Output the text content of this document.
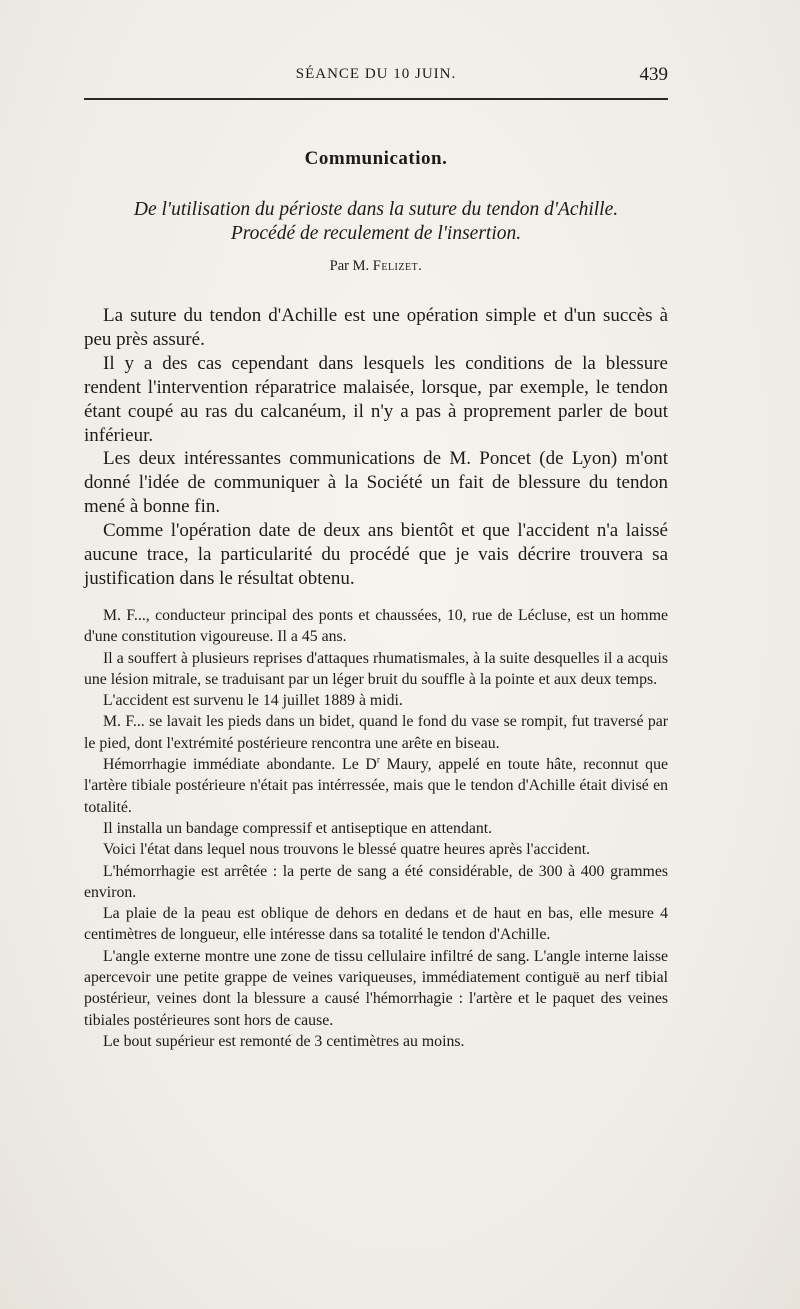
SÉANCE DU 10 JUIN.	439
Communication.
De l'utilisation du périoste dans la suture du tendon d'Achille.
Procédé de reculement de l'insertion.
Par M. Felizet.

La suture du tendon d'Achille est une opération simple et d'un succès à peu près assuré.

Il y a des cas cependant dans lesquels les conditions de la blessure rendent l'intervention réparatrice malaisée, lorsque, par exemple, le tendon étant coupé au ras du calcanéum, il n'y a pas à proprement parler de bout inférieur.

Les deux intéressantes communications de M. Poncet (de Lyon) m'ont donné l'idée de communiquer à la Société un fait de blessure du tendon mené à bonne fin.

Comme l'opération date de deux ans bientôt et que l'accident n'a laissé aucune trace, la particularité du procédé que je vais décrire trouvera sa justification dans le résultat obtenu.

M. F..., conducteur principal des ponts et chaussées, 10, rue de Lécluse, est un homme d'une constitution vigoureuse. Il a 45 ans.

Il a souffert à plusieurs reprises d'attaques rhumatismales, à la suite desquelles il a acquis une lésion mitrale, se traduisant par un léger bruit du souffle à la pointe et aux deux temps.

L'accident est survenu le 14 juillet 1889 à midi.

M. F... se lavait les pieds dans un bidet, quand le fond du vase se rompit, fut traversé par le pied, dont l'extrémité postérieure rencontra une arête en biseau.

Hémorrhagie immédiate abondante. Le $D^r$ Maury, appelé en toute hâte, reconnut que l'artère tibiale postérieure n'était pas intérressée, mais que le tendon d'Achille était divisé en totalité.

Il installa un bandage compressif et antiseptique en attendant.

Voici l'état dans lequel nous trouvons le blessé quatre heures après l'accident.

L'hémorrhagie est arrêtée : la perte de sang a été considérable, de 300 à 400 grammes environ.

La plaie de la peau est oblique de dehors en dedans et de haut en bas, elle mesure 4 centimètres de longueur, elle intéresse dans sa totalité le tendon d'Achille.

L'angle externe montre une zone de tissu cellulaire infiltré de sang. L'angle interne laisse apercevoir une petite grappe de veines variqueuses, immédiatement contiguë au nerf tibial postérieur, veines dont la blessure a causé l'hémorrhagie : l'artère et le paquet des veines tibiales postérieures sont hors de cause.

Le bout supérieur est remonté de 3 centimètres au moins.
